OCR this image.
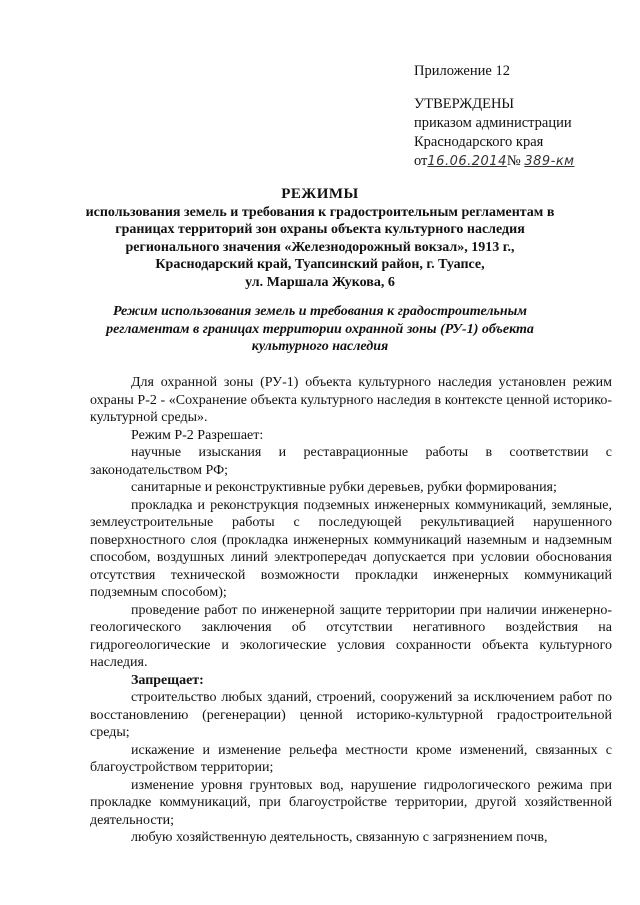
Приложение 12
УТВЕРЖДЕНЫ
приказом администрации
Краснодарского края
от16.06.2014№ 389-км
РЕЖИМЫ
использования земель и требования к градостроительным регламентам в
границах территорий зон охраны объекта культурного наследия
регионального значения «Железнодорожный вокзал», 1913 г.,
Краснодарский край, Туапсинский район, г. Туапсе,
ул. Маршала Жукова, 6
Режим использования земель и требования к градостроительным
регламентам в границах территории охранной зоны (РУ-1) объекта
культурного наследия

Для охранной зоны (РУ-1) объекта культурного наследия установлен режим охраны Р-2 - «Сохранение объекта культурного наследия в контексте ценной историко-культурной среды».

Режим Р-2 Разрешает:

научные изыскания и реставрационные работы в соответствии с законодательством РФ;

санитарные и реконструктивные рубки деревьев, рубки формирования;

прокладка и реконструкция подземных инженерных коммуникаций, земляные, землеустроительные работы с последующей рекультивацией нарушенного поверхностного слоя (прокладка инженерных коммуникаций наземным и надземным способом, воздушных линий электропередач допускается при условии обоснования отсутствия технической возможности прокладки инженерных коммуникаций подземным способом);

проведение работ по инженерной защите территории при наличии инженерно-геологического заключения об отсутствии негативного воздействия на гидрогеологические и экологические условия сохранности объекта культурного наследия.

Запрещает:

строительство любых зданий, строений, сооружений за исключением работ по восстановлению (регенерации) ценной историко-культурной градостроительной среды;

искажение и изменение рельефа местности кроме изменений, связанных с благоустройством территории;

изменение уровня грунтовых вод, нарушение гидрологического режима при прокладке коммуникаций, при благоустройстве территории, другой хозяйственной деятельности;

любую хозяйственную деятельность, связанную с загрязнением почв,
